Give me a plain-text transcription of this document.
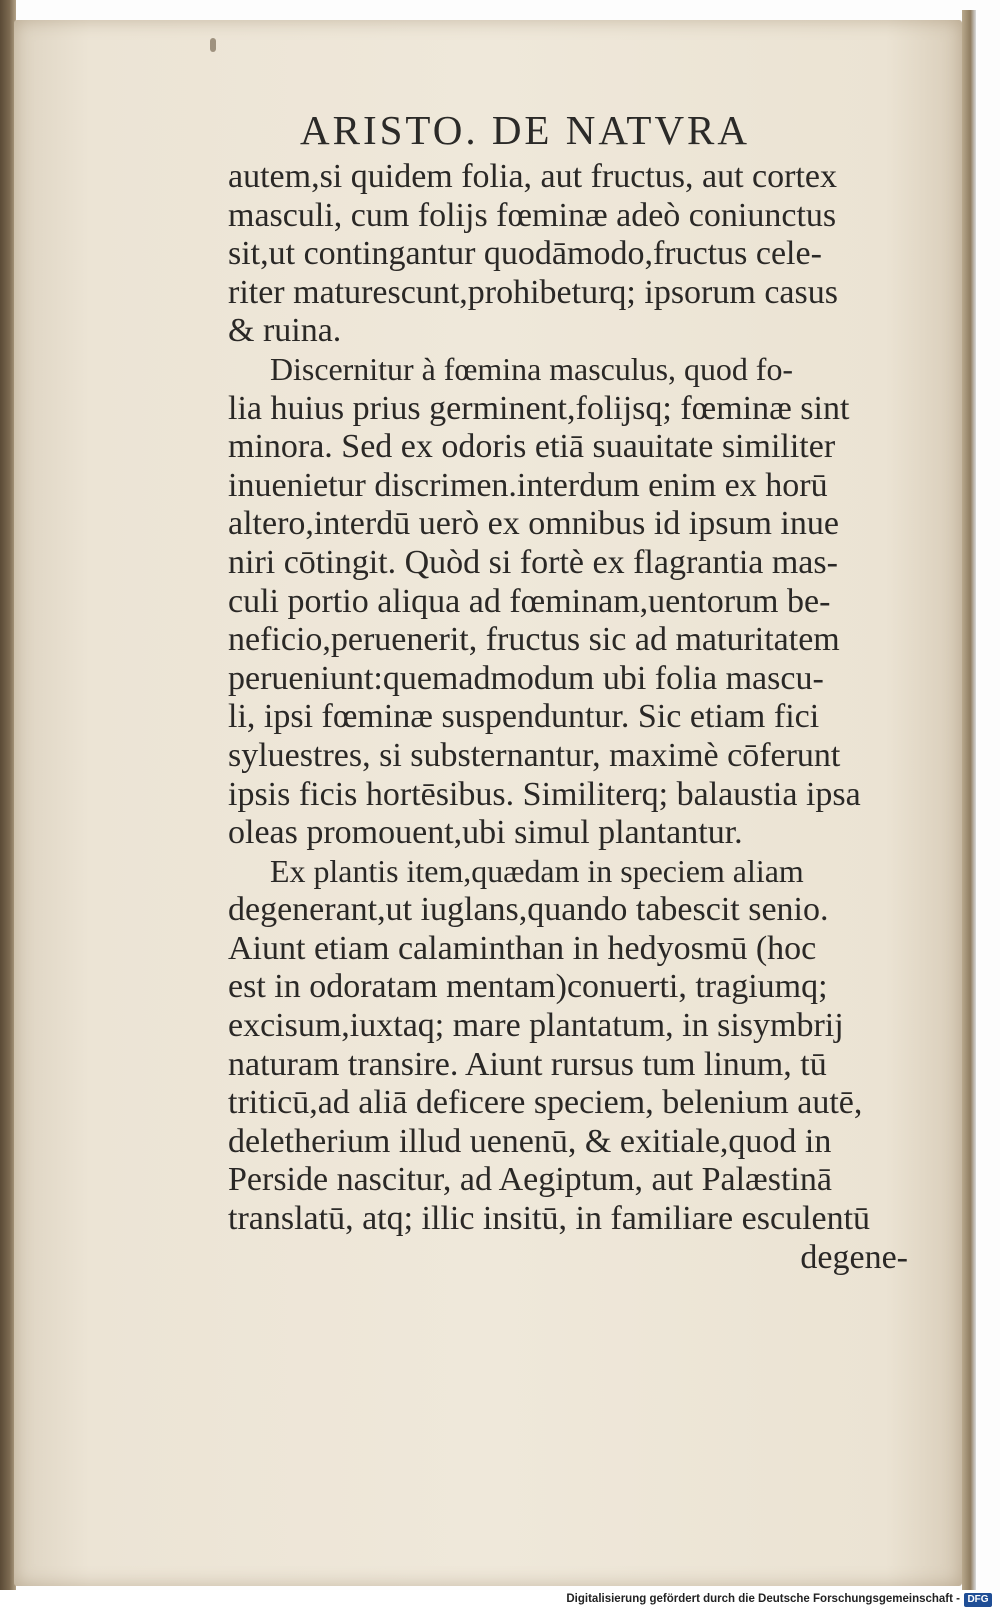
ARISTO. DE NATVRA
autem,si quidem folia, aut fructus, aut cortex
masculi, cum folijs fœminæ adeò coniunctus
sit,ut contingantur quodāmodo,fructus cele-
riter maturescunt,prohibeturq; ipsorum casus
& ruina.
Discernitur à fœmina masculus, quod fo-
lia huius prius germinent,folijsq; fœminæ sint
minora. Sed ex odoris etiā suauitate similiter
inuenietur discrimen.interdum enim ex horū
altero,interdū uerò ex omnibus id ipsum inue
niri cōtingit. Quòd si fortè ex flagrantia mas-
culi portio aliqua ad fœminam,uentorum be-
neficio,peruenerit, fructus sic ad maturitatem
perueniunt:quemadmodum ubi folia mascu-
li, ipsi fœminæ suspenduntur. Sic etiam fici
syluestres, si substernantur, maximè cōferunt
ipsis ficis hortēsibus. Similiterq; balaustia ipsa
oleas promouent,ubi simul plantantur.
Ex plantis item,quædam in speciem aliam
degenerant,ut iuglans,quando tabescit senio.
Aiunt etiam calaminthan in hedyosmū (hoc
est in odoratam mentam)conuerti, tragiumq;
excisum,iuxtaq; mare plantatum, in sisymbrij
naturam transire. Aiunt rursus tum linum, tū
triticū,ad aliā deficere speciem, belenium autē,
deletherium illud uenenū, & exitiale,quod in
Perside nascitur, ad Aegiptum, aut Palæstinā
translatū, atq; illic insitū, in familiare esculentū
degene-
Digitalisierung gefördert durch die Deutsche Forschungsgemeinschaft - DFG
